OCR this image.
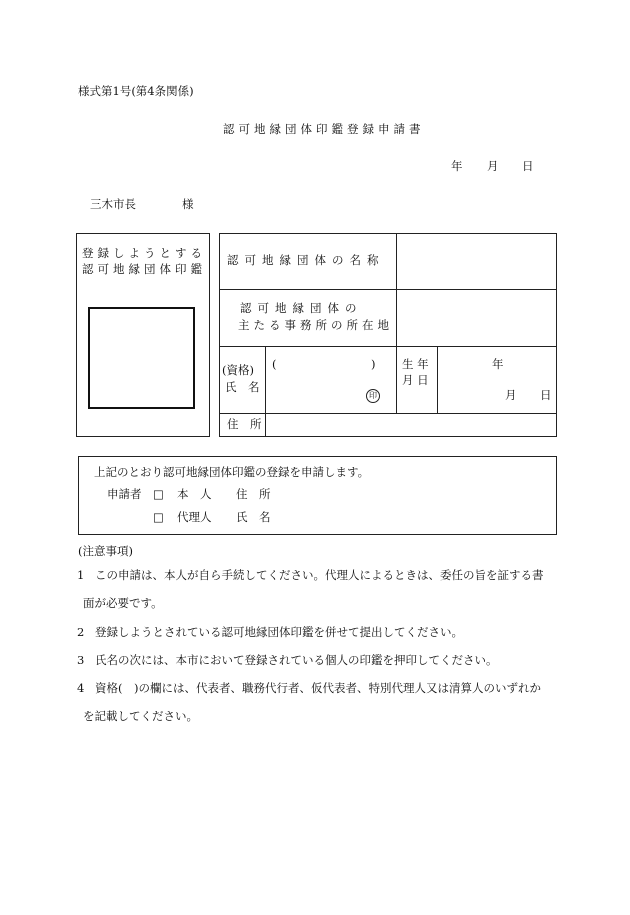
様式第1号(第4条関係)
認可地縁団体印鑑登録申請書
年 月 日
三木市長	様
登録しようとする
認可地縁団体印鑑
認可地縁団体の名称
認可地縁団体の
主たる事務所の所在地
(資格)
氏　名
(	)
印
生 年
月 日
年
月 日
住　所
上記のとおり認可地縁団体印鑑の登録を申請します。
申請者 □ 本　人 住　所
□ 代理人 氏　名
(注意事項)
1 この申請は、本人が自ら手続してください。代理人によるときは、委任の旨を証する書
面が必要です。
2 登録しようとされている認可地縁団体印鑑を併せて提出してください。
3 氏名の次には、本市において登録されている個人の印鑑を押印してください。
4 資格(　)の欄には、代表者、職務代行者、仮代表者、特別代理人又は清算人のいずれか
を記載してください。
